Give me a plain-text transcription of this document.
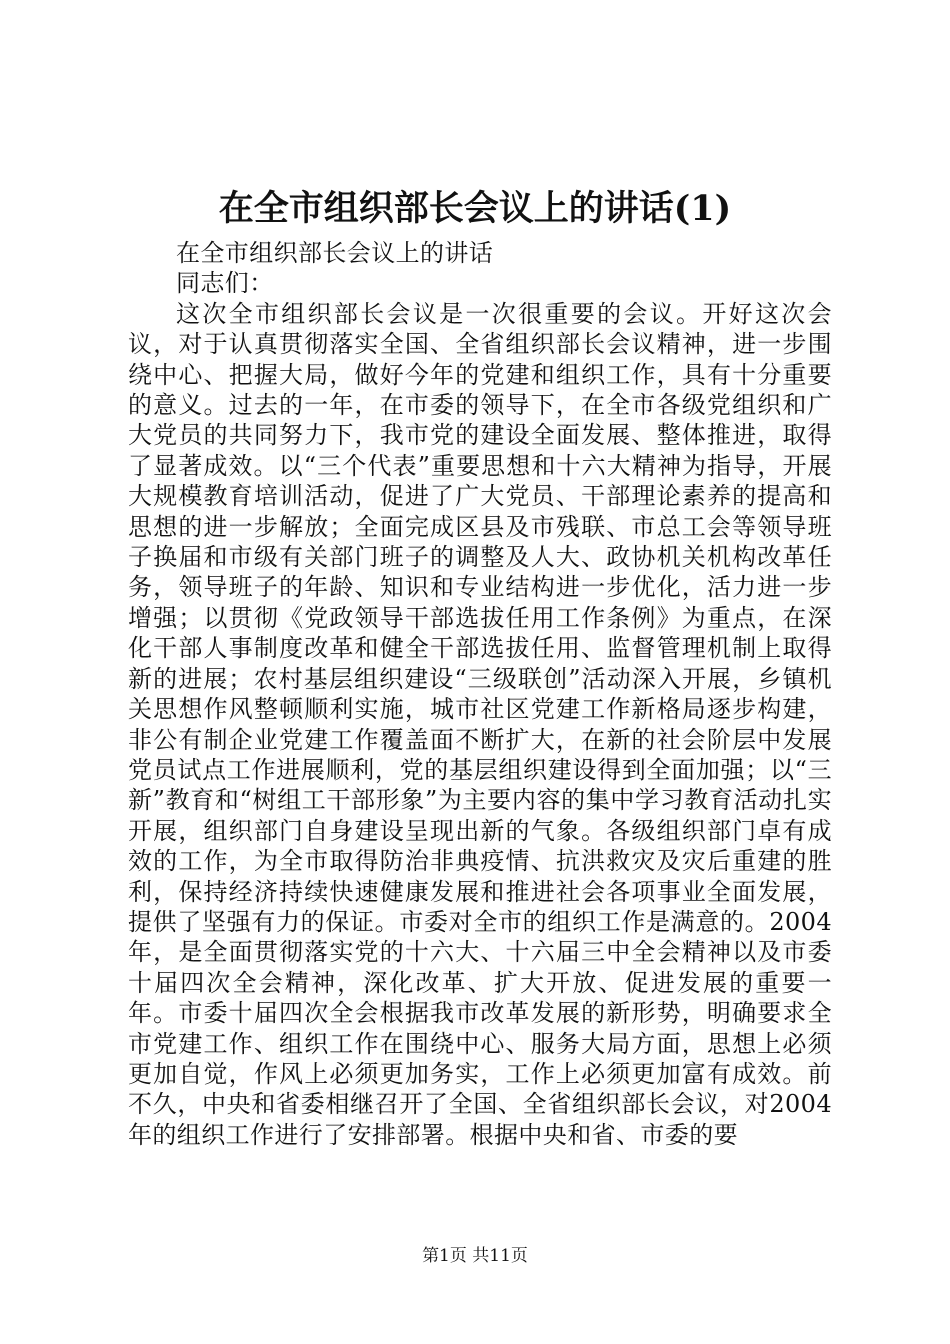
在全市组织部长会议上的讲话(1)

在全市组织部长会议上的讲话

同志们：

这次全市组织部长会议是一次很重要的会议。开好这次会议，对于认真贯彻落实全国、全省组织部长会议精神，进一步围绕中心、把握大局，做好今年的党建和组织工作，具有十分重要的意义。过去的一年，在市委的领导下，在全市各级党组织和广大党员的共同努力下，我市党的建设全面发展、整体推进，取得了显著成效。以“三个代表”重要思想和十六大精神为指导，开展大规模教育培训活动，促进了广大党员、干部理论素养的提高和思想的进一步解放；全面完成区县及市残联、市总工会等领导班子换届和市级有关部门班子的调整及人大、政协机关机构改革任务，领导班子的年龄、知识和专业结构进一步优化，活力进一步增强；以贯彻《党政领导干部选拔任用工作条例》为重点，在深化干部人事制度改革和健全干部选拔任用、监督管理机制上取得新的进展；农村基层组织建设“三级联创”活动深入开展，乡镇机关思想作风整顿顺利实施，城市社区党建工作新格局逐步构建，非公有制企业党建工作覆盖面不断扩大，在新的社会阶层中发展党员试点工作进展顺利，党的基层组织建设得到全面加强；以“三新”教育和“树组工干部形象”为主要内容的集中学习教育活动扎实开展，组织部门自身建设呈现出新的气象。各级组织部门卓有成效的工作，为全市取得防治非典疫情、抗洪救灾及灾后重建的胜利，保持经济持续快速健康发展和推进社会各项事业全面发展，提供了坚强有力的保证。市委对全市的组织工作是满意的。2004年，是全面贯彻落实党的十六大、十六届三中全会精神以及市委十届四次全会精神，深化改革、扩大开放、促进发展的重要一年。市委十届四次全会根据我市改革发展的新形势，明确要求全市党建工作、组织工作在围绕中心、服务大局方面，思想上必须更加自觉，作风上必须更加务实，工作上必须更加富有成效。前不久，中央和省委相继召开了全国、全省组织部长会议，对2004年的组织工作进行了安排部署。根据中央和省、市委的要

第1页 共11页
